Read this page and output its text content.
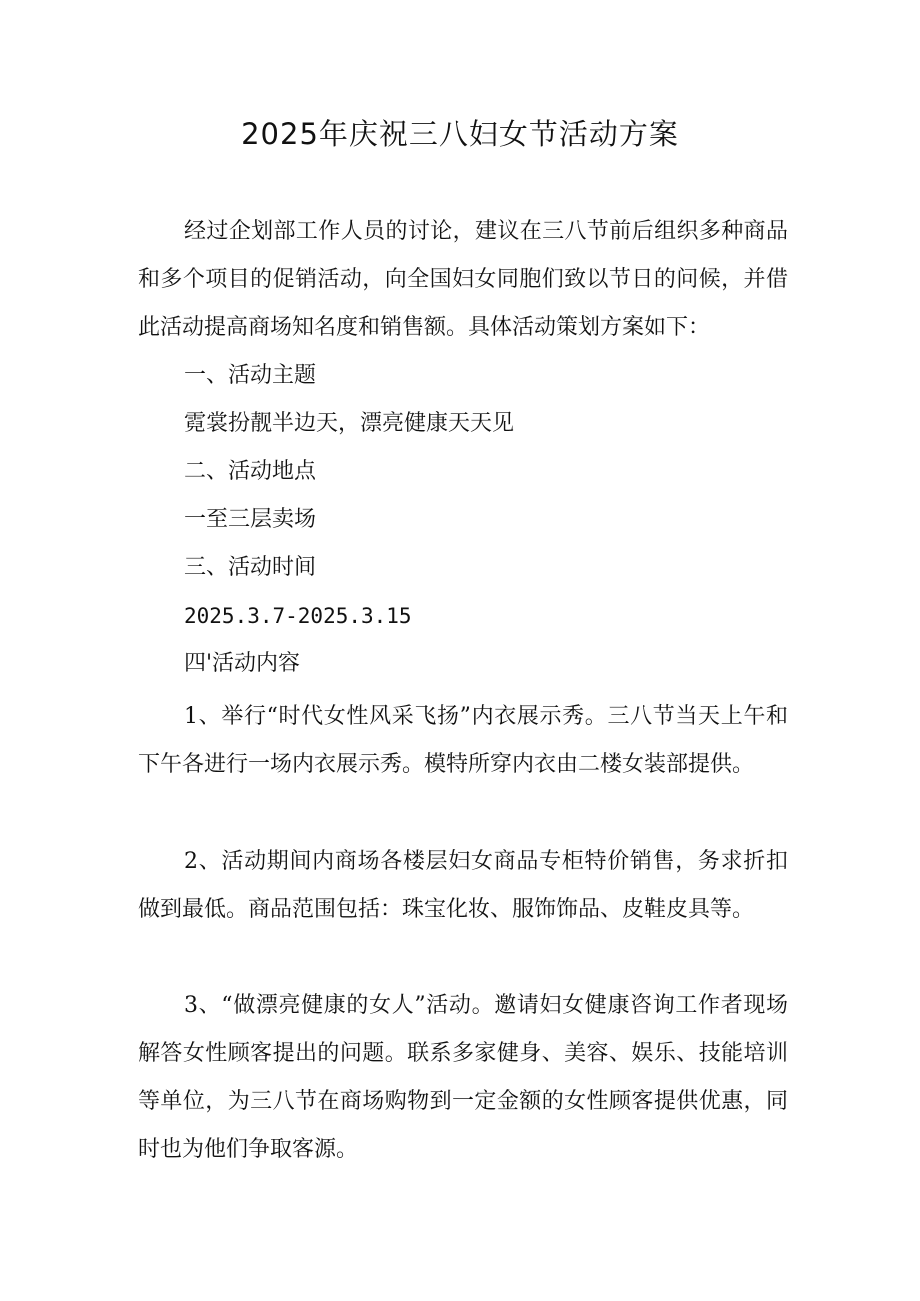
2025年庆祝三八妇女节活动方案

经过企划部工作人员的讨论，建议在三八节前后组织多种商品和多个项目的促销活动，向全国妇女同胞们致以节日的问候，并借此活动提高商场知名度和销售额。具体活动策划方案如下：

一、活动主题

霓裳扮靓半边天，漂亮健康天天见

二、活动地点

一至三层卖场

三、活动时间

2025.3.7-2025.3.15

四'活动内容

1、举行“时代女性风采飞扬”内衣展示秀。三八节当天上午和下午各进行一场内衣展示秀。模特所穿内衣由二楼女装部提供。

2、活动期间内商场各楼层妇女商品专柜特价销售，务求折扣做到最低。商品范围包括：珠宝化妆、服饰饰品、皮鞋皮具等。

3、“做漂亮健康的女人”活动。邀请妇女健康咨询工作者现场解答女性顾客提出的问题。联系多家健身、美容、娱乐、技能培训等单位，为三八节在商场购物到一定金额的女性顾客提供优惠，同时也为他们争取客源。
